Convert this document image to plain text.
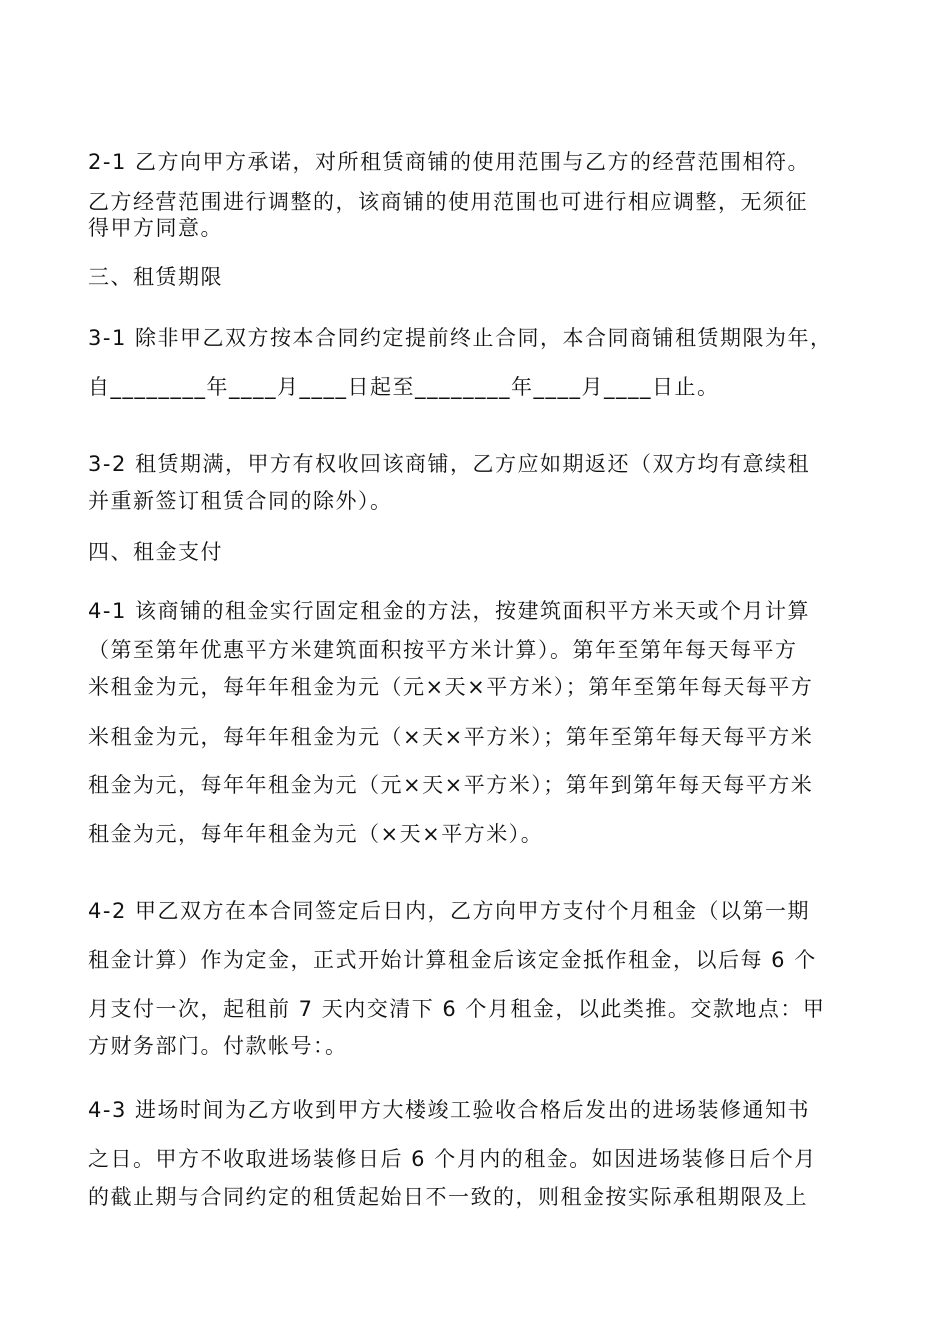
2-1 乙方向甲方承诺，对所租赁商铺的使用范围与乙方的经营范围相符。

乙方经营范围进行调整的，该商铺的使用范围也可进行相应调整，无须征

得甲方同意。

三、租赁期限

3-1 除非甲乙双方按本合同约定提前终止合同，本合同商铺租赁期限为年，

自________年____月____日起至________年____月____日止。

3-2 租赁期满，甲方有权收回该商铺，乙方应如期返还（双方均有意续租

并重新签订租赁合同的除外）。

四、租金支付

4-1 该商铺的租金实行固定租金的方法，按建筑面积平方米天或个月计算

（第至第年优惠平方米建筑面积按平方米计算）。第年至第年每天每平方

米租金为元，每年年租金为元（元×天×平方米）；第年至第年每天每平方

米租金为元，每年年租金为元（×天×平方米）；第年至第年每天每平方米

租金为元，每年年租金为元（元×天×平方米）；第年到第年每天每平方米

租金为元，每年年租金为元（×天×平方米）。

4-2 甲乙双方在本合同签定后日内，乙方向甲方支付个月租金（以第一期

租金计算）作为定金，正式开始计算租金后该定金抵作租金，以后每 6 个

月支付一次，起租前 7 天内交清下 6 个月租金，以此类推。交款地点：甲

方财务部门。付款帐号：。

4-3 进场时间为乙方收到甲方大楼竣工验收合格后发出的进场装修通知书

之日。甲方不收取进场装修日后 6 个月内的租金。如因进场装修日后个月

的截止期与合同约定的租赁起始日不一致的，则租金按实际承租期限及上
